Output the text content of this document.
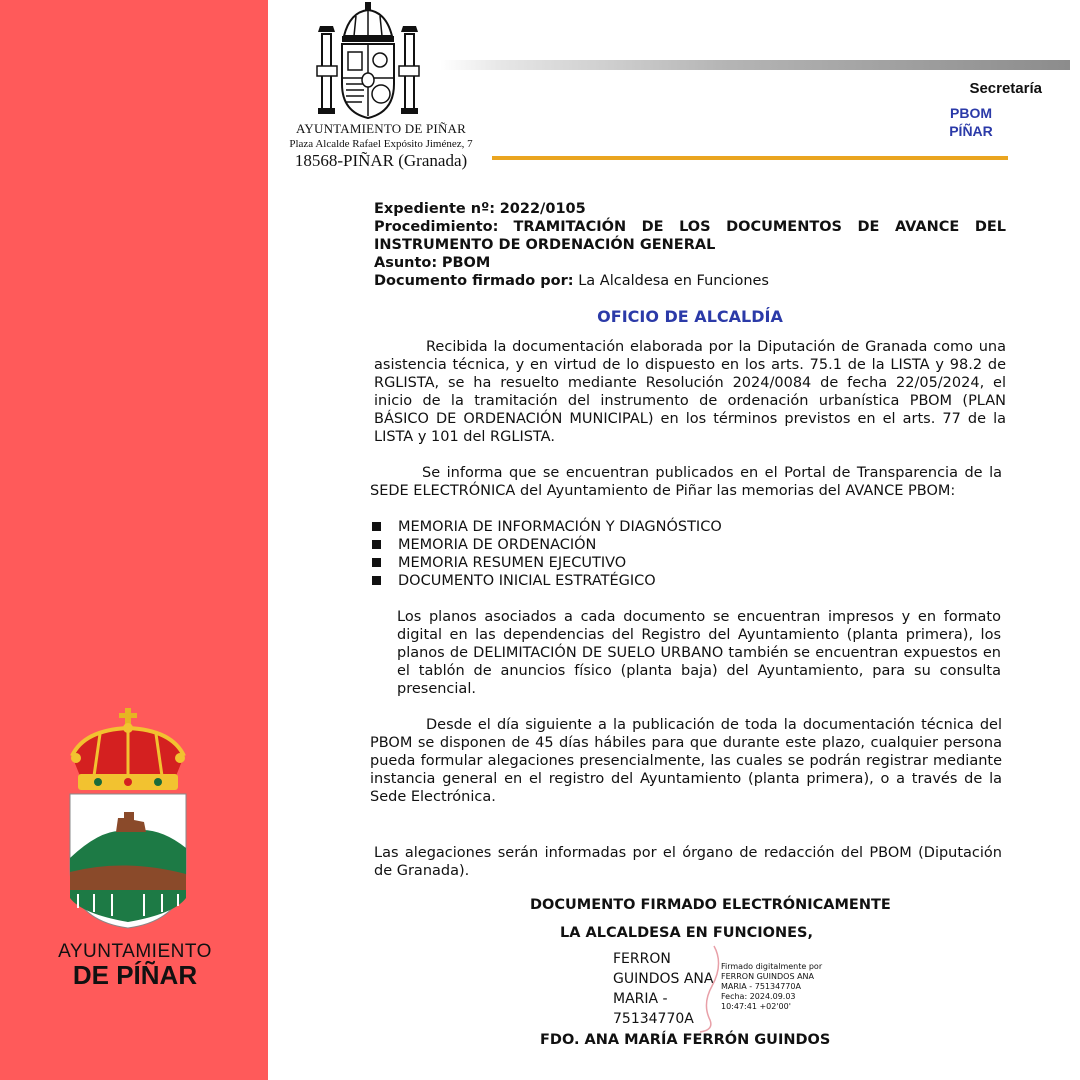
AYUNTAMIENTO
DE PÍÑAR
AYUNTAMIENTO DE PIÑAR
Plaza Alcalde Rafael Expósito Jiménez, 7
18568-PIÑAR (Granada)
Secretaría
PBOM
PÍÑAR
Expediente nº: 2022/0105
Procedimiento: TRAMITACIÓN DE LOS DOCUMENTOS DE AVANCE DEL
INSTRUMENTO DE ORDENACIÓN GENERAL
Asunto: PBOM
Documento firmado por: La Alcaldesa en Funciones
OFICIO DE ALCALDÍA
Recibida la documentación elaborada por la Diputación de Granada como una asistencia técnica, y en virtud de lo dispuesto en los arts. 75.1 de la LISTA y 98.2 de RGLISTA, se ha resuelto mediante Resolución 2024/0084 de fecha 22/05/2024, el inicio de la tramitación del instrumento de ordenación urbanística PBOM (PLAN BÁSICO DE ORDENACIÓN MUNICIPAL) en los términos previstos en el arts. 77 de la LISTA y 101 del RGLISTA.
Se informa que se encuentran publicados en el Portal de Transparencia de la SEDE ELECTRÓNICA del Ayuntamiento de Piñar las memorias del AVANCE PBOM:
MEMORIA DE INFORMACIÓN Y DIAGNÓSTICO
MEMORIA DE ORDENACIÓN
MEMORIA RESUMEN EJECUTIVO
DOCUMENTO INICIAL ESTRATÉGICO
Los planos asociados a cada documento se encuentran impresos y en formato digital en las dependencias del Registro del Ayuntamiento (planta primera), los planos de DELIMITACIÓN DE SUELO URBANO también se encuentran expuestos en el tablón de anuncios físico (planta baja) del Ayuntamiento, para su consulta presencial.
Desde el día siguiente a la publicación de toda la documentación técnica del PBOM se disponen de 45 días hábiles para que durante este plazo, cualquier persona pueda formular alegaciones presencialmente, las cuales se podrán registrar mediante instancia general en el registro del Ayuntamiento (planta primera), o a través de la Sede Electrónica.
Las alegaciones serán informadas por el órgano de redacción del PBOM (Diputación de Granada).
DOCUMENTO FIRMADO ELECTRÓNICAMENTE
LA ALCALDESA EN FUNCIONES,
FERRON
GUINDOS ANA
MARIA -
75134770A
Firmado digitalmente por
FERRON GUINDOS ANA
MARIA - 75134770A
Fecha: 2024.09.03
10:47:41 +02'00'
FDO. ANA MARÍA FERRÓN GUINDOS
